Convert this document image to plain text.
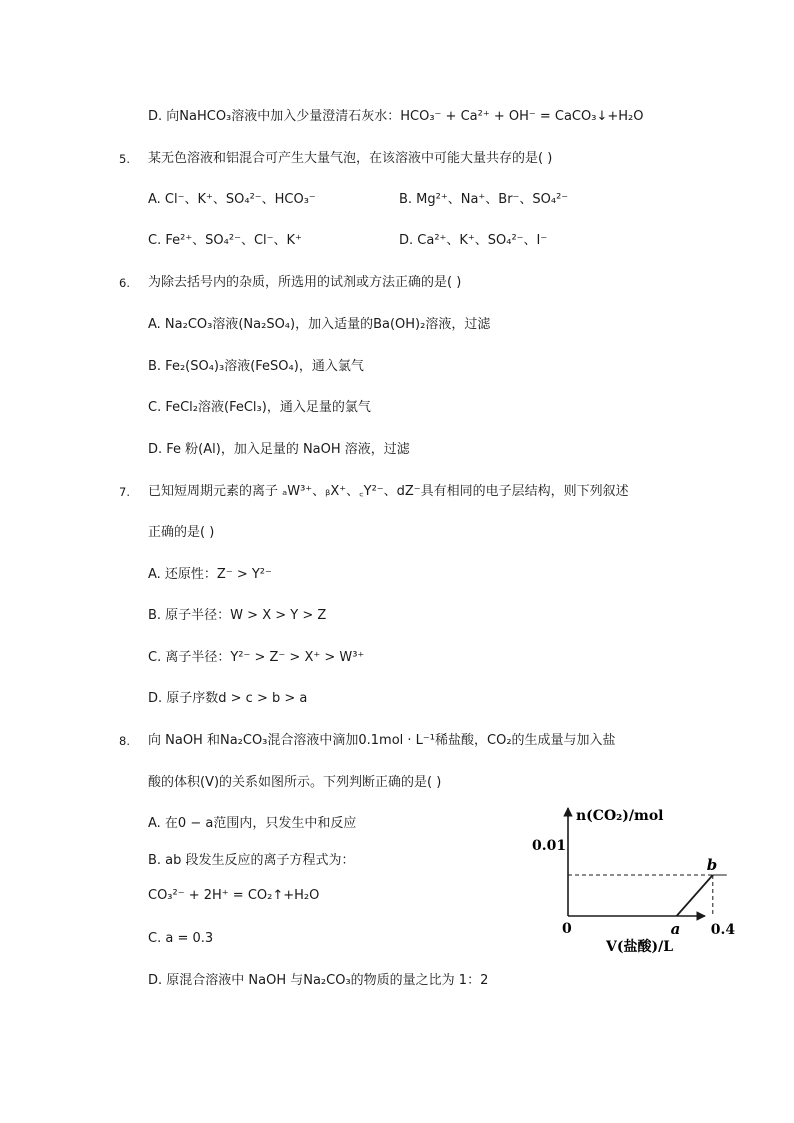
D. 向NaHCO₃溶液中加入少量澄清石灰水：HCO₃⁻ + Ca²⁺ + OH⁻ = CaCO₃↓+H₂O
5. 某无色溶液和铝混合可产生大量气泡，在该溶液中可能大量共存的是( )
A. Cl⁻、K⁺、SO₄²⁻、HCO₃⁻	B. Mg²⁺、Na⁺、Br⁻、SO₄²⁻
C. Fe²⁺、SO₄²⁻、Cl⁻、K⁺	D. Ca²⁺、K⁺、SO₄²⁻、I⁻
6. 为除去括号内的杂质，所选用的试剂或方法正确的是( )
A. Na₂CO₃溶液(Na₂SO₄)，加入适量的Ba(OH)₂溶液，过滤
B. Fe₂(SO₄)₃溶液(FeSO₄)，通入氯气
C. FeCl₂溶液(FeCl₃)，通入足量的氯气
D. Fe 粉(Al)，加入足量的 NaOH 溶液，过滤
7. 已知短周期元素的离子 ₐW³⁺、ᵦX⁺、꜀Y²⁻、dZ⁻具有相同的电子层结构，则下列叙述
正确的是( )
A. 还原性：Z⁻ > Y²⁻
B. 原子半径：W > X > Y > Z
C. 离子半径：Y²⁻ > Z⁻ > X⁺ > W³⁺
D. 原子序数d > c > b > a
8. 向 NaOH 和Na₂CO₃混合溶液中滴加0.1mol · L⁻¹稀盐酸，CO₂的生成量与加入盐
酸的体积(V)的关系如图所示。下列判断正确的是( )
A. 在0 − a范围内，只发生中和反应
B. ab 段发生反应的离子方程式为：
CO₃²⁻ + 2H⁺ = CO₂↑+H₂O
C. a = 0.3
D. 原混合溶液中 NaOH 与Na₂CO₃的物质的量之比为 1：2
n(CO₂)/mol
0.01
0	a
b
0.4
V(盐酸)/L
